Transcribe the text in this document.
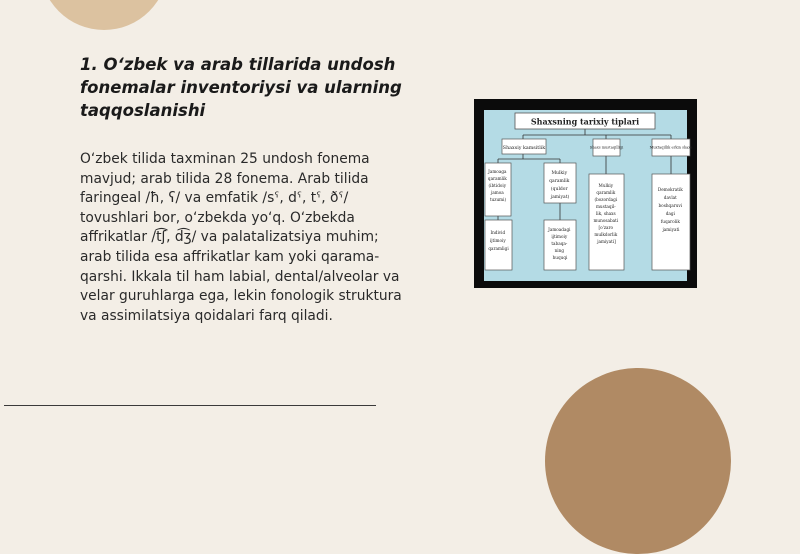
1. O‘zbek va arab tillarida undosh fonemalar inventoriysi va ularning taqqoslanishi

O‘zbek tilida taxminan 25 undosh fonema mavjud; arab tilida 28 fonema. Arab tilida faringeal /ħ, ʕ/ va emfatik /sˤ, dˤ, tˤ, ðˤ/ tovushlari bor, o‘zbekda yo‘q. O‘zbekda affrikatlar /t͡ʃ, d͡ʒ/ va palatalizatsiya muhim; arab tilida esa affrikatlar kam yoki qarama-qarshi. Ikkala til ham labial, dental/alveolar va velar guruhlarga ega, lekin fonologik struktura va assimilatsiya qoidalari farq qiladi.

Shaxsning tarixiy tiplari
Shaxsiy kamsitlik	Shaxs mustaqilligi	Muxtaqillik erkin shaxs
Jamoaga qaramlik (ibtidoiy jamoa tuzumi)
Mulkiy qaramlik (quldor jamiyat)
Mulkiy qaramlik (bozordagi mustaqil- lik, shaxs munosabati [o'zaro mulkdorlik jamiyati]
Demokratik davlat boshqaruvi dagi fuqarolik jamiyati
Individ ijtimoiy qaramligi
Jamoadagi ijtimoiy tabaqa- ning huquqi
